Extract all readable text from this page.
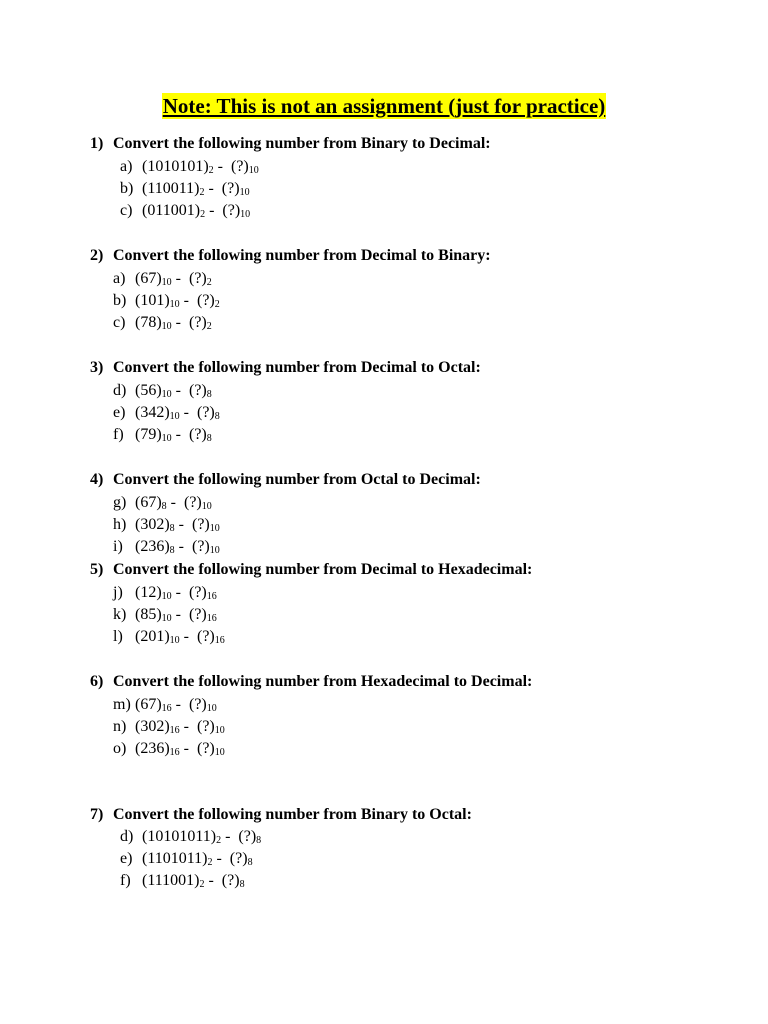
Note: This is not an assignment (just for practice)
1) Convert the following number from Binary to Decimal:
a) $(1010101)_2$ - $(?)_{10}$
b) $(110011)_2$ - $(?)_{10}$
c) $(011001)_2$ - $(?)_{10}$
2) Convert the following number from Decimal to Binary:
a) $(67)_{10}$ - $(?)_2$
b) $(101)_{10}$ - $(?)_2$
c) $(78)_{10}$ - $(?)_2$
3) Convert the following number from Decimal to Octal:
d) $(56)_{10}$ - $(?)_8$
e) $(342)_{10}$ - $(?)_8$
f) $(79)_{10}$ - $(?)_8$
4) Convert the following number from Octal to Decimal:
g) $(67)_8$ - $(?)_{10}$
h) $(302)_8$ - $(?)_{10}$
i) $(236)_8$ - $(?)_{10}$
5) Convert the following number from Decimal to Hexadecimal:
j) $(12)_{10}$ - $(?)_{16}$
k) $(85)_{10}$ - $(?)_{16}$
l) $(201)_{10}$ - $(?)_{16}$
6) Convert the following number from Hexadecimal to Decimal:
m) $(67)_{16}$ - $(?)_{10}$
n) $(302)_{16}$ - $(?)_{10}$
o) $(236)_{16}$ - $(?)_{10}$
7) Convert the following number from Binary to Octal:
d) $(10101011)_2$ - $(?)_8$
e) $(1101011)_2$ - $(?)_8$
f) $(111001)_2$ - $(?)_8$
